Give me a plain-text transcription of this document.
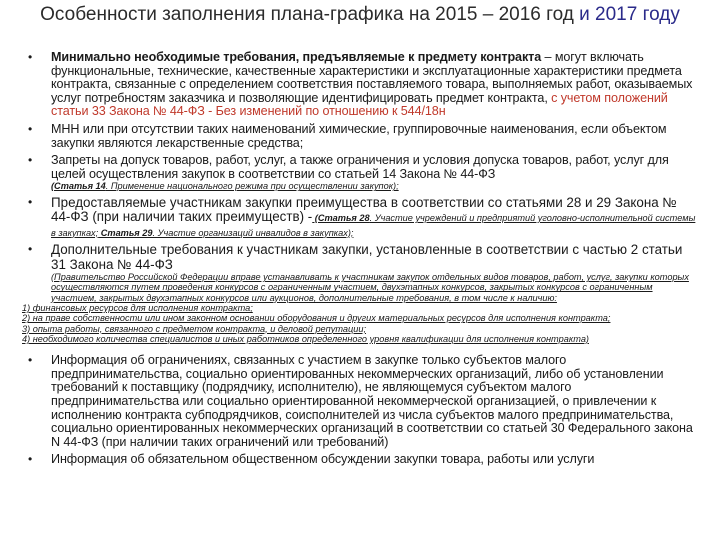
Особенности заполнения плана-графика на 2015 – 2016 год и 2017 году
• Минимально необходимые требования, предъявляемые к предмету контракта – могут включать функциональные, технические, качественные характеристики и эксплуатационные характеристики предмета контракта, связанные с определением соответствия поставляемого товара, выполняемых работ, оказываемых услуг потребностям заказчика и позволяющие идентифицировать предмет контракта, с учетом положений статьи 33 Закона № 44-ФЗ - Без изменений по отношению к 544/18н
• МНН или при отсутствии таких наименований химические, группировочные наименования, если объектом закупки являются лекарственные средства;
• Запреты на допуск товаров, работ, услуг, а также ограничения и условия допуска товаров, работ, услуг для целей осуществления закупок в соответствии со статьей 14 Закона № 44-ФЗ
(Статья 14. Применение национального режима при осуществлении закупок);
• Предоставляемые участникам закупки преимущества в соответствии со статьями 28 и 29 Закона № 44-ФЗ (при наличии таких преимуществ) - (Статья 28. Участие учреждений и предприятий уголовно-исполнительной системы в закупках; Статья 29. Участие организаций инвалидов в закупках);
• Дополнительные требования к участникам закупки, установленные в соответствии с частью 2 статьи 31 Закона № 44-ФЗ
(Правительство Российской Федерации вправе устанавливать к участникам закупок отдельных видов товаров, работ, услуг, закупки которых осуществляются путем проведения конкурсов с ограниченным участием, двухэтапных конкурсов, закрытых конкурсов с ограниченным участием, закрытых двухэтапных конкурсов или аукционов, дополнительные требования, в том числе к наличию:
1) финансовых ресурсов для исполнения контракта;
2) на праве собственности или ином законном основании оборудования и других материальных ресурсов для исполнения контракта;
3) опыта работы, связанного с предметом контракта, и деловой репутации;
4) необходимого количества специалистов и иных работников определенного уровня квалификации для исполнения контракта)
• Информация об ограничениях, связанных с участием в закупке только субъектов малого предпринимательства, социально ориентированных некоммерческих организаций, либо об установлении требований к поставщику (подрядчику, исполнителю), не являющемуся субъектом малого предпринимательства или социально ориентированной некоммерческой организацией, о привлечении к исполнению контракта субподрядчиков, соисполнителей из числа субъектов малого предпринимательства, социально ориентированных некоммерческих организаций в соответствии со статьей 30 Федерального закона N 44-ФЗ (при наличии таких ограничений или требований)
• Информация об обязательном общественном обсуждении закупки товара, работы или услуги
